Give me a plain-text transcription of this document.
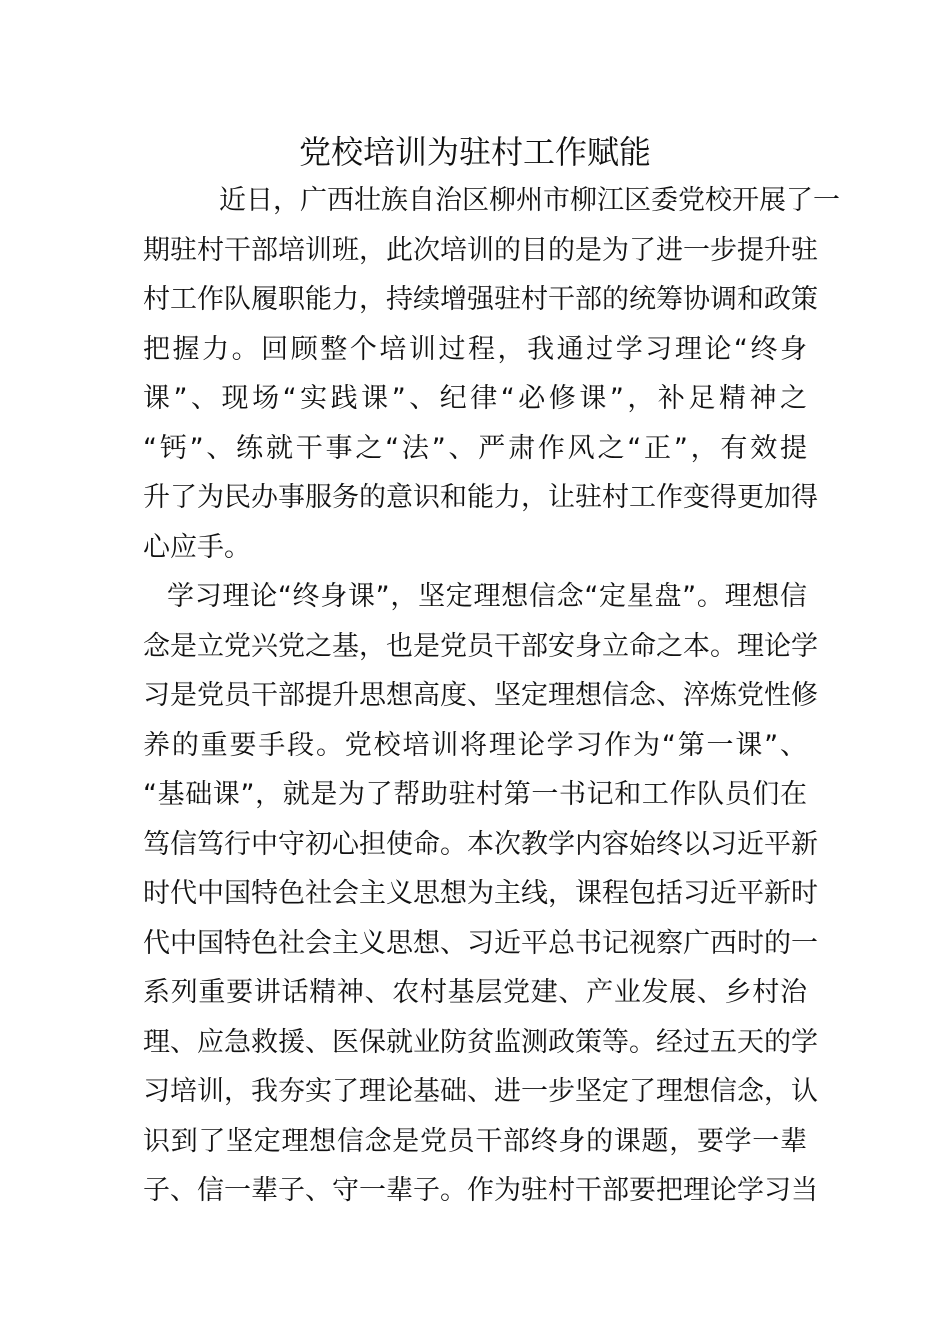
党校培训为驻村工作赋能
近日，广西壮族自治区柳州市柳江区委党校开展了一
期驻村干部培训班，此次培训的目的是为了进一步提升驻
村工作队履职能力，持续增强驻村干部的统筹协调和政策
把握力。回顾整个培训过程，我通过学习理论“终身
课”、现场“实践课”、纪律“必修课”，补足精神之
“钙”、练就干事之“法”、严肃作风之“正”，有效提
升了为民办事服务的意识和能力，让驻村工作变得更加得
心应手。
学习理论“终身课”，坚定理想信念“定星盘”。理想信
念是立党兴党之基，也是党员干部安身立命之本。理论学
习是党员干部提升思想高度、坚定理想信念、淬炼党性修
养的重要手段。党校培训将理论学习作为“第一课”、
“基础课”，就是为了帮助驻村第一书记和工作队员们在
笃信笃行中守初心担使命。本次教学内容始终以习近平新
时代中国特色社会主义思想为主线，课程包括习近平新时
代中国特色社会主义思想、习近平总书记视察广西时的一
系列重要讲话精神、农村基层党建、产业发展、乡村治
理、应急救援、医保就业防贫监测政策等。经过五天的学
习培训，我夯实了理论基础、进一步坚定了理想信念，认
识到了坚定理想信念是党员干部终身的课题，要学一辈
子、信一辈子、守一辈子。作为驻村干部要把理论学习当
